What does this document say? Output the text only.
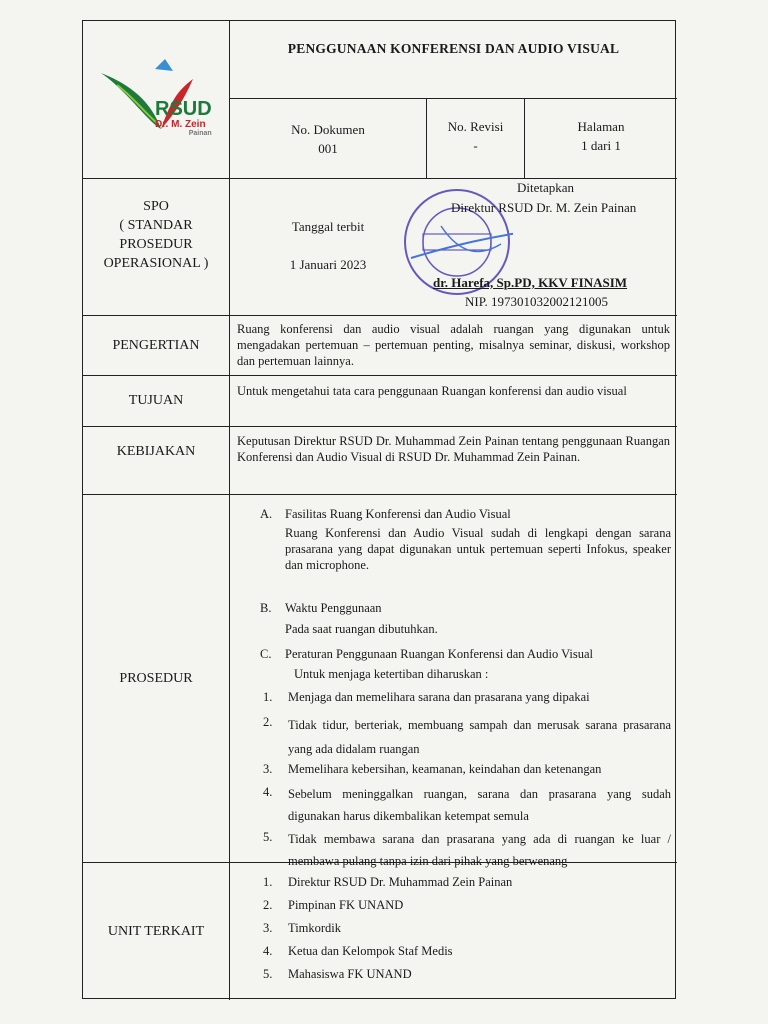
RSUD
Dr. M. Zein
Painan
PENGGUNAAN KONFERENSI DAN AUDIO VISUAL
No. Dokumen
001
No. Revisi
-
Halaman
1 dari 1
SPO
( STANDAR
PROSEDUR
OPERASIONAL )
Tanggal terbit
1 Januari 2023
Ditetapkan
Direktur RSUD Dr. M. Zein Painan
dr. Harefa, Sp.PD, KKV FINASIM
NIP. 197301032002121005
PENGERTIAN
Ruang konferensi dan audio visual adalah ruangan yang digunakan untuk mengadakan pertemuan – pertemuan penting, misalnya seminar, diskusi, workshop dan pertemuan lainnya.
TUJUAN
Untuk mengetahui tata cara penggunaan Ruangan konferensi dan audio visual
KEBIJAKAN
Keputusan Direktur RSUD Dr. Muhammad Zein Painan tentang penggunaan Ruangan Konferensi dan Audio Visual di RSUD Dr. Muhammad Zein Painan.
PROSEDUR
A. Fasilitas Ruang Konferensi dan Audio Visual
Ruang Konferensi dan Audio Visual sudah di lengkapi dengan sarana prasarana yang dapat digunakan untuk pertemuan seperti Infokus, speaker dan microphone.
B. Waktu Penggunaan
Pada saat ruangan dibutuhkan.
C. Peraturan Penggunaan Ruangan Konferensi dan Audio Visual
Untuk menjaga ketertiban diharuskan :
1. Menjaga dan memelihara sarana dan prasarana yang dipakai
2. Tidak tidur, berteriak, membuang sampah dan merusak sarana prasarana yang ada didalam ruangan
3. Memelihara kebersihan, keamanan, keindahan dan ketenangan
4. Sebelum meninggalkan ruangan, sarana dan prasarana yang sudah digunakan harus dikembalikan ketempat semula
5. Tidak membawa sarana dan prasarana yang ada di ruangan ke luar / membawa pulang tanpa izin dari pihak yang berwenang
UNIT TERKAIT
1. Direktur RSUD Dr. Muhammad Zein Painan
2. Pimpinan FK UNAND
3. Timkordik
4. Ketua dan Kelompok Staf Medis
5. Mahasiswa FK UNAND
